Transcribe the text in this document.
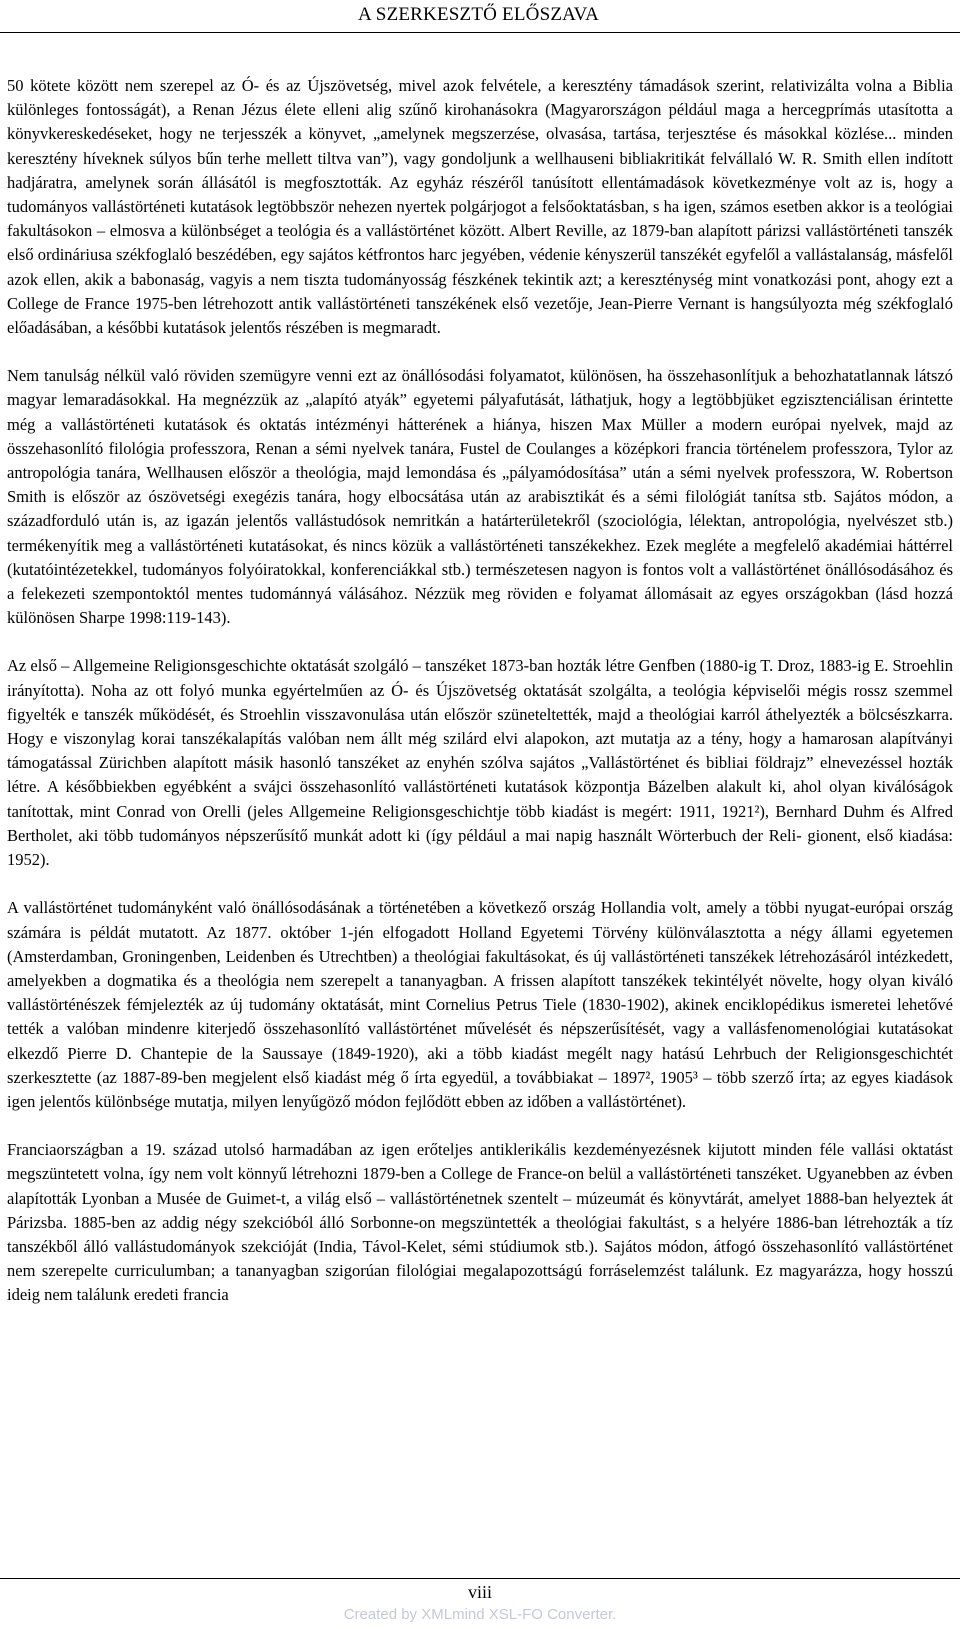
A SZERKESZTŐ ELŐSZAVA

50 kötete között nem szerepel az Ó- és az Újszövetség, mivel azok felvétele, a keresztény támadások szerint, relativizálta volna a Biblia különleges fontosságát), a Renan Jézus élete elleni alig szűnő kirohanásokra (Magyarországon például maga a hercegprímás utasította a könyvkereskedéseket, hogy ne terjesszék a könyvet, „amelynek megszerzése, olvasása, tartása, terjesztése és másokkal közlése... minden keresztény híveknek súlyos bűn terhe mellett tiltva van”), vagy gondoljunk a wellhauseni bibliakritikát felvállaló W. R. Smith ellen indított hadjáratra, amelynek során állásától is megfosztották. Az egyház részéről tanúsított ellentámadások következménye volt az is, hogy a tudományos vallástörténeti kutatások legtöbbször nehezen nyertek polgárjogot a felsőoktatásban, s ha igen, számos esetben akkor is a teológiai fakultásokon – elmosva a különbséget a teológia és a vallástörténet között. Albert Reville, az 1879-ban alapított párizsi vallástörténeti tanszék első ordináriusa székfoglaló beszédében, egy sajátos kétfrontos harc jegyében, védenie kényszerül tanszékét egyfelől a vallástalanság, másfelől azok ellen, akik a babonaság, vagyis a nem tiszta tudományosság fészkének tekintik azt; a kereszténység mint vonatkozási pont, ahogy ezt a College de France 1975-ben létrehozott antik vallástörténeti tanszékének első vezetője, Jean-Pierre Vernant is hangsúlyozta még székfoglaló előadásában, a későbbi kutatások jelentős részében is megmaradt.

Nem tanulság nélkül való röviden szemügyre venni ezt az önállósodási folyamatot, különösen, ha összehasonlítjuk a behozhatatlannak látszó magyar lemaradásokkal. Ha megnézzük az „alapító atyák” egyetemi pályafutását, láthatjuk, hogy a legtöbbjüket egzisztenciálisan érintette még a vallástörténeti kutatások és oktatás intézményi hátterének a hiánya, hiszen Max Müller a modern európai nyelvek, majd az összehasonlító filológia professzora, Renan a sémi nyelvek tanára, Fustel de Coulanges a középkori francia történelem professzora, Tylor az antropológia tanára, Wellhausen először a theológia, majd lemondása és „pályamódosítása” után a sémi nyelvek professzora, W. Robertson Smith is először az ószövetségi exegézis tanára, hogy elbocsátása után az arabisztikát és a sémi filológiát tanítsa stb. Sajátos módon, a századforduló után is, az igazán jelentős vallástudósok nemritkán a határterületekről (szociológia, lélektan, antropológia, nyelvészet stb.) termékenyítik meg a vallástörténeti kutatásokat, és nincs közük a vallástörténeti tanszékekhez. Ezek megléte a megfelelő akadémiai háttérrel (kutatóintézetekkel, tudományos folyóiratokkal, konferenciákkal stb.) természetesen nagyon is fontos volt a vallástörténet önállósodásához és a felekezeti szempontoktól mentes tudománnyá válásához. Nézzük meg röviden e folyamat állomásait az egyes országokban (lásd hozzá különösen Sharpe 1998:119-143).

Az első – Allgemeine Religionsgeschichte oktatását szolgáló – tanszéket 1873-ban hozták létre Genfben (1880-ig T. Droz, 1883-ig E. Stroehlin irányította). Noha az ott folyó munka egyértelműen az Ó- és Újszövetség oktatását szolgálta, a teológia képviselői mégis rossz szemmel figyelték e tanszék működését, és Stroehlin visszavonulása után először szüneteltették, majd a theológiai karról áthelyezték a bölcsészkarra. Hogy e viszonylag korai tanszékalapítás valóban nem állt még szilárd elvi alapokon, azt mutatja az a tény, hogy a hamarosan alapítványi támogatással Zürichben alapított másik hasonló tanszéket az enyhén szólva sajátos „Vallástörténet és bibliai földrajz” elnevezéssel hozták létre. A későbbiekben egyébként a svájci összehasonlító vallástörténeti kutatások központja Bázelben alakult ki, ahol olyan kiválóságok tanítottak, mint Conrad von Orelli (jeles Allgemeine Religionsgeschichtje több kiadást is megért: 1911, 1921²), Bernhard Duhm és Alfred Bertholet, aki több tudományos népszerűsítő munkát adott ki (így például a mai napig használt Wörterbuch der Reli- gionent, első kiadása: 1952).

A vallástörténet tudományként való önállósodásának a történetében a következő ország Hollandia volt, amely a többi nyugat-európai ország számára is példát mutatott. Az 1877. október 1-jén elfogadott Holland Egyetemi Törvény különválasztotta a négy állami egyetemen (Amsterdamban, Groningenben, Leidenben és Utrechtben) a theológiai fakultásokat, és új vallástörténeti tanszékek létrehozásáról intézkedett, amelyekben a dogmatika és a theológia nem szerepelt a tananyagban. A frissen alapított tanszékek tekintélyét növelte, hogy olyan kiváló vallástörténészek fémjelezték az új tudomány oktatását, mint Cornelius Petrus Tiele (1830-1902), akinek enciklopédikus ismeretei lehetővé tették a valóban mindenre kiterjedő összehasonlító vallástörténet művelését és népszerűsítését, vagy a vallásfenomenológiai kutatásokat elkezdő Pierre D. Chantepie de la Saussaye (1849-1920), aki a több kiadást megélt nagy hatású Lehrbuch der Religionsgeschichtét szerkesztette (az 1887-89-ben megjelent első kiadást még ő írta egyedül, a továbbiakat – 1897², 1905³ – több szerző írta; az egyes kiadások igen jelentős különbsége mutatja, milyen lenyűgöző módon fejlődött ebben az időben a vallástörténet).

Franciaországban a 19. század utolsó harmadában az igen erőteljes antiklerikális kezdeményezésnek kijutott minden féle vallási oktatást megszüntetett volna, így nem volt könnyű létrehozni 1879-ben a College de France-on belül a vallástörténeti tanszéket. Ugyanebben az évben alapították Lyonban a Musée de Guimet-t, a világ első – vallástörténetnek szentelt – múzeumát és könyvtárát, amelyet 1888-ban helyeztek át Párizsba. 1885-ben az addig négy szekcióból álló Sorbonne-on megszüntették a theológiai fakultást, s a helyére 1886-ban létrehozták a tíz tanszékből álló vallástudományok szekcióját (India, Távol-Kelet, sémi stúdiumok stb.). Sajátos módon, átfogó összehasonlító vallástörténet nem szerepelte curriculumban; a tananyagban szigorúan filológiai megalapozottságú forráselemzést találunk. Ez magyarázza, hogy hosszú ideig nem találunk eredeti francia

viii
Created by XMLmind XSL-FO Converter.
